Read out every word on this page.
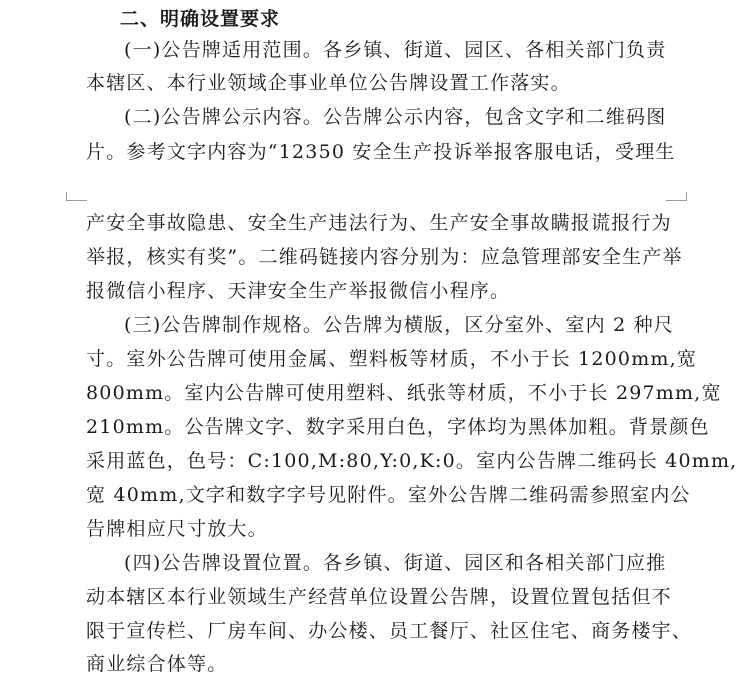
二、明确设置要求
(一)公告牌适用范围。各乡镇、街道、园区、各相关部门负责
本辖区、本行业领域企事业单位公告牌设置工作落实。
(二)公告牌公示内容。公告牌公示内容，包含文字和二维码图
片。参考文字内容为“12350 安全生产投诉举报客服电话，受理生
产安全事故隐患、安全生产违法行为、生产安全事故瞒报谎报行为
举报，核实有奖”。二维码链接内容分别为：应急管理部安全生产举
报微信小程序、天津安全生产举报微信小程序。
(三)公告牌制作规格。公告牌为横版，区分室外、室内 2 种尺
寸。室外公告牌可使用金属、塑料板等材质，不小于长 1200mm,宽
800mm。室内公告牌可使用塑料、纸张等材质，不小于长 297mm,宽
210mm。公告牌文字、数字采用白色，字体均为黑体加粗。背景颜色
采用蓝色，色号：C:100,M:80,Y:0,K:0。室内公告牌二维码长 40mm,
宽 40mm,文字和数字字号见附件。室外公告牌二维码需参照室内公
告牌相应尺寸放大。
(四)公告牌设置位置。各乡镇、街道、园区和各相关部门应推
动本辖区本行业领域生产经营单位设置公告牌，设置位置包括但不
限于宣传栏、厂房车间、办公楼、员工餐厅、社区住宅、商务楼宇、
商业综合体等。
